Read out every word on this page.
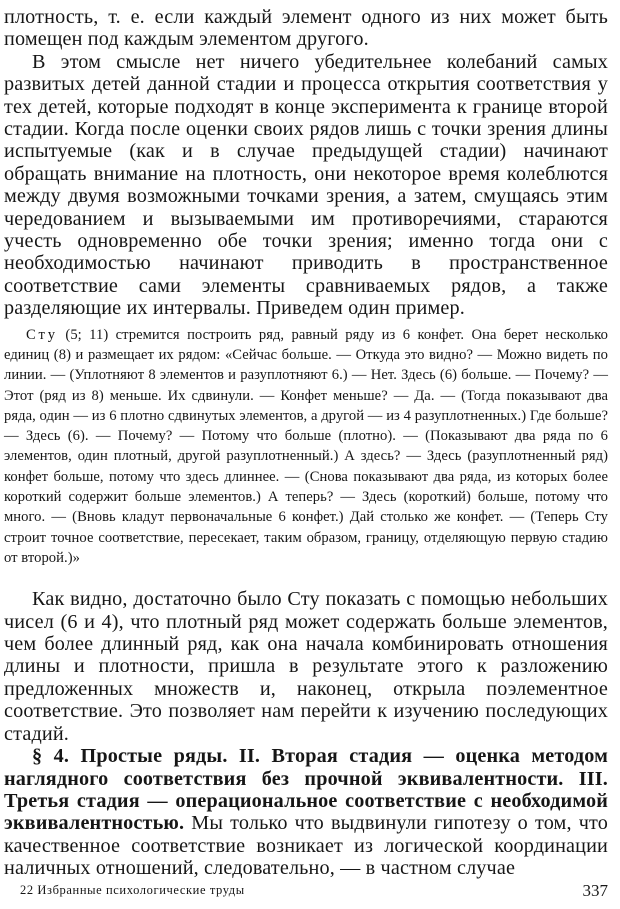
плотность, т. е. если каждый элемент одного из них может быть помещен под каждым элементом другого.

В этом смысле нет ничего убедительнее колебаний самых развитых детей данной стадии и процесса открытия соответствия у тех детей, которые подходят в конце эксперимента к границе второй стадии. Когда после оценки своих рядов лишь с точки зрения длины испытуемые (как и в случае предыдущей стадии) начинают обращать внимание на плотность, они некоторое время колеблются между двумя возможными точками зрения, а затем, смущаясь этим чередованием и вызываемыми им противоречиями, стараются учесть одновременно обе точки зрения; именно тогда они с необходимостью начинают приводить в пространственное соответствие сами элементы сравниваемых рядов, а также разделяющие их интервалы. Приведем один пример.

Сту (5; 11) стремится построить ряд, равный ряду из 6 конфет. Она берет несколько единиц (8) и размещает их рядом: «Сейчас больше. — Откуда это видно? — Можно видеть по линии. — (Уплотняют 8 элементов и разуплотняют 6.) — Нет. Здесь (6) больше. — Почему? — Этот (ряд из 8) меньше. Их сдвинули. — Конфет меньше? — Да. — (Тогда показывают два ряда, один — из 6 плотно сдвинутых элементов, а другой — из 4 разуплотненных.) Где больше? — Здесь (6). — Почему? — Потому что больше (плотно). — (Показывают два ряда по 6 элементов, один плотный, другой разуплотненный.) А здесь? — Здесь (разуплотненный ряд) конфет больше, потому что здесь длиннее. — (Снова показывают два ряда, из которых более короткий содержит больше элементов.) А теперь? — Здесь (короткий) больше, потому что много. — (Вновь кладут первоначальные 6 конфет.) Дай столько же конфет. — (Теперь Сту строит точное соответствие, пересекает, таким образом, границу, отделяющую первую стадию от второй.)»

Как видно, достаточно было Сту показать с помощью небольших чисел (6 и 4), что плотный ряд может содержать больше элементов, чем более длинный ряд, как она начала комбинировать отношения длины и плотности, пришла в результате этого к разложению предложенных множеств и, наконец, открыла поэлементное соответствие. Это позволяет нам перейти к изучению последующих стадий.

§ 4. Простые ряды. II. Вторая стадия — оценка методом наглядного соответствия без прочной эквивалентности. III. Третья стадия — операциональное соответствие с необходимой эквивалентностью. Мы только что выдвинули гипотезу о том, что качественное соответствие возникает из логической координации наличных отношений, следовательно, — в частном случае

22 Избранные психологические труды	337
